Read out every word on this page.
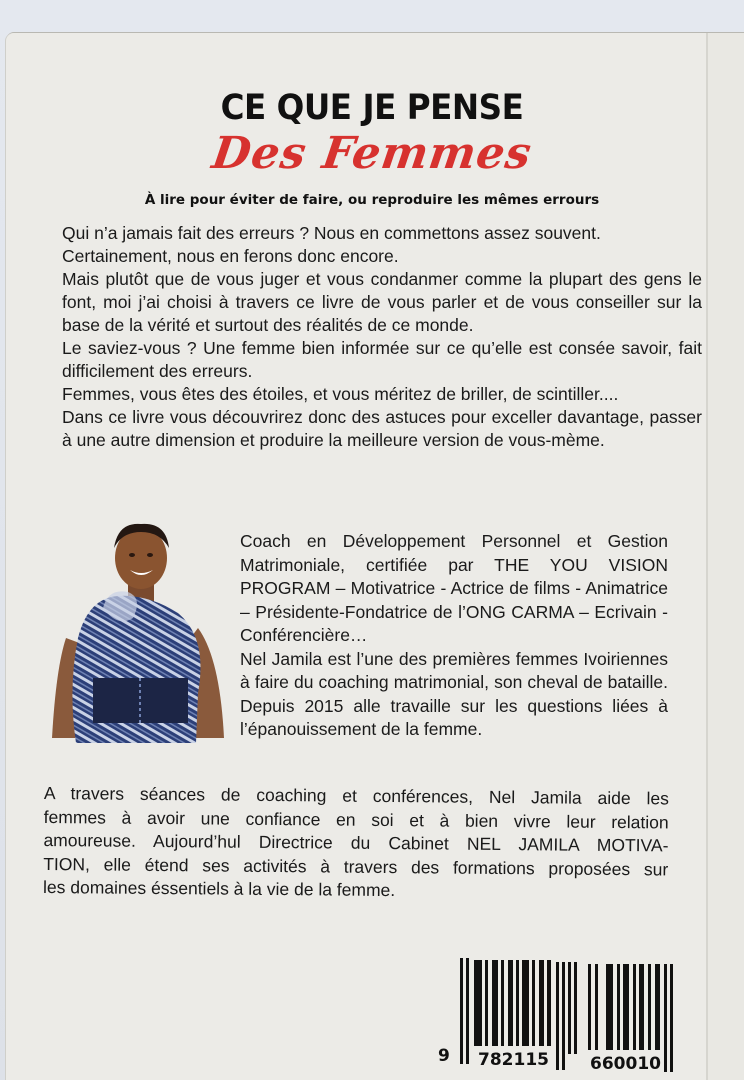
CE QUE JE PENSE
Des Femmes
À lire pour éviter de faire, ou reproduire les mêmes errours

Qui n’a jamais fait des erreurs ? Nous en commettons assez souvent.

Certainement, nous en ferons donc encore.

Mais plutôt que de vous juger et vous condanmer comme la plupart des gens le font, moi j’ai choisi à travers ce livre de vous parler et de vous conseiller sur la base de la vérité et surtout des réalités de ce monde.

Le saviez-vous ? Une femme bien informée sur ce qu’elle est consée savoir, fait difficilement des erreurs.

Femmes, vous êtes des étoiles, et vous méritez de briller, de scintiller....

Dans ce livre vous découvrirez donc des astuces pour exceller davantage, passer à une autre dimension et produire la meilleure version de vous-mème.

Coach en Développement Personnel et Gestion Matrimoniale, certifiée par THE YOU VISION PROGRAM – Motivatrice - Actrice de films - Animatrice – Présidente-Fondatrice de l’ONG CARMA – Ecrivain - Conférencière…

Nel Jamila est l’une des premières femmes Ivoiriennes à faire du coaching matrimonial, son cheval de bataille. Depuis 2015 alle travaille sur les questions liées à l’épanouissement de la femme.

A travers séances de coaching et conférences, Nel Jamila aide les

femmes à avoir une confiance en soi et à bien vivre leur relation

amoureuse. Aujourd’hul Directrice du Cabinet NEL JAMILA MOTIVA-

TION, elle étend ses activités à travers des formations proposées sur

les domaines éssentiels à la vie de la femme.

9 782115 660010
